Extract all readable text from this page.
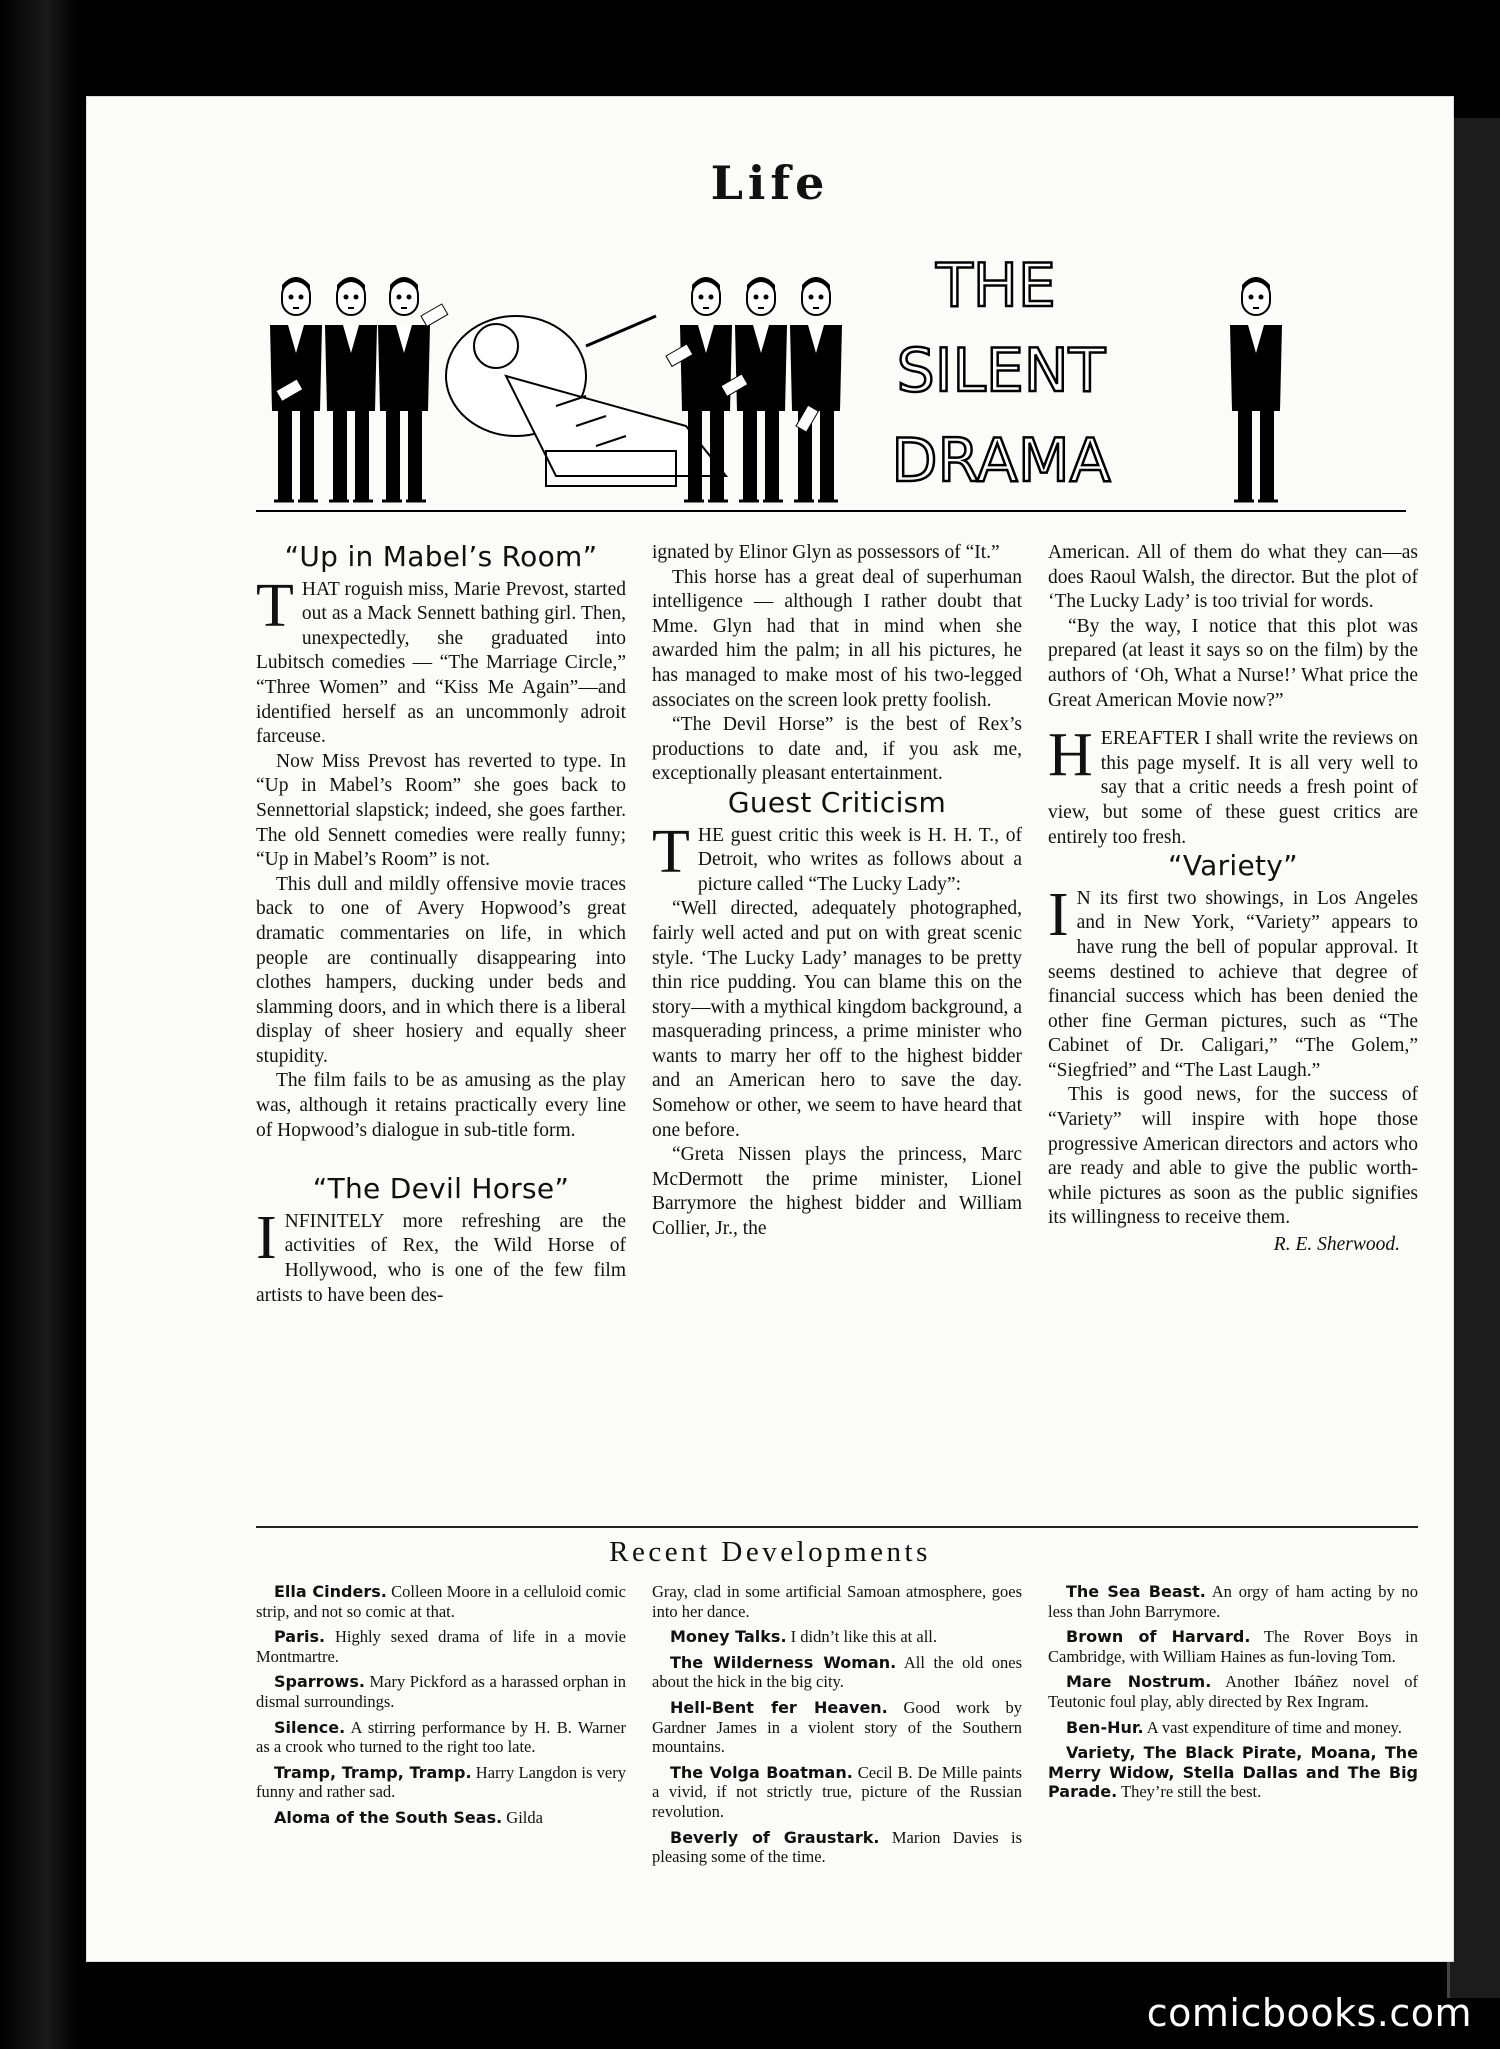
Life
THE
SILENT
DRAMA
“Up in Mabel’s Room”

THAT roguish miss, Marie Prevost, started out as a Mack Sennett bathing girl. Then, unexpectedly, she graduated into Lubitsch comedies — “The Marriage Circle,” “Three Women” and “Kiss Me Again”—and identified herself as an uncommonly adroit farceuse.

Now Miss Prevost has reverted to type. In “Up in Mabel’s Room” she goes back to Sennettorial slapstick; indeed, she goes farther. The old Sennett comedies were really funny; “Up in Mabel’s Room” is not.

This dull and mildly offensive movie traces back to one of Avery Hopwood’s great dramatic commentaries on life, in which people are continually disappearing into clothes hampers, ducking under beds and slamming doors, and in which there is a liberal display of sheer hosiery and equally sheer stupidity.

The film fails to be as amusing as the play was, although it retains practically every line of Hopwood’s dialogue in sub-title form.

“The Devil Horse”

INFINITELY more refreshing are the activities of Rex, the Wild Horse of Hollywood, who is one of the few film artists to have been des-

ignated by Elinor Glyn as possessors of “It.”

This horse has a great deal of superhuman intelligence — although I rather doubt that Mme. Glyn had that in mind when she awarded him the palm; in all his pictures, he has managed to make most of his two-legged associates on the screen look pretty foolish.

“The Devil Horse” is the best of Rex’s productions to date and, if you ask me, exceptionally pleasant entertainment.

Guest Criticism

THE guest critic this week is H. H. T., of Detroit, who writes as follows about a picture called “The Lucky Lady”:

“Well directed, adequately photographed, fairly well acted and put on with great scenic style. ‘The Lucky Lady’ manages to be pretty thin rice pudding. You can blame this on the story—with a mythical kingdom background, a masquerading princess, a prime minister who wants to marry her off to the highest bidder and an American hero to save the day. Somehow or other, we seem to have heard that one before.

“Greta Nissen plays the princess, Marc McDermott the prime minister, Lionel Barrymore the highest bidder and William Collier, Jr., the

American. All of them do what they can—as does Raoul Walsh, the director. But the plot of ‘The Lucky Lady’ is too trivial for words.

“By the way, I notice that this plot was prepared (at least it says so on the film) by the authors of ‘Oh, What a Nurse!’ What price the Great American Movie now?”

HEREAFTER I shall write the reviews on this page myself. It is all very well to say that a critic needs a fresh point of view, but some of these guest critics are entirely too fresh.

“Variety”

I N its first two showings, in Los Angeles and in New York, “Variety” appears to have rung the bell of popular approval. It seems destined to achieve that degree of financial success which has been denied the other fine German pictures, such as “The Cabinet of Dr. Caligari,” “The Golem,” “Siegfried” and “The Last Laugh.”

This is good news, for the success of “Variety” will inspire with hope those progressive American directors and actors who are ready and able to give the public worth-while pictures as soon as the public signifies its willingness to receive them.

R. E. Sherwood.
Recent Developments

Ella Cinders. Colleen Moore in a celluloid comic strip, and not so comic at that.

Paris. Highly sexed drama of life in a movie Montmartre.

Sparrows. Mary Pickford as a harassed orphan in dismal surroundings.

Silence. A stirring performance by H. B. Warner as a crook who turned to the right too late.

Tramp, Tramp, Tramp. Harry Langdon is very funny and rather sad.

Aloma of the South Seas. Gilda

Gray, clad in some artificial Samoan atmosphere, goes into her dance.

Money Talks. I didn’t like this at all.

The Wilderness Woman. All the old ones about the hick in the big city.

Hell-Bent fer Heaven. Good work by Gardner James in a violent story of the Southern mountains.

The Volga Boatman. Cecil B. De Mille paints a vivid, if not strictly true, picture of the Russian revolution.

Beverly of Graustark. Marion Davies is pleasing some of the time.

The Sea Beast. An orgy of ham acting by no less than John Barrymore.

Brown of Harvard. The Rover Boys in Cambridge, with William Haines as fun-loving Tom.

Mare Nostrum. Another Ibáñez novel of Teutonic foul play, ably directed by Rex Ingram.

Ben-Hur. A vast expenditure of time and money.

Variety, The Black Pirate, Moana, The Merry Widow, Stella Dallas and The Big Parade. They’re still the best.

comicbooks.com
